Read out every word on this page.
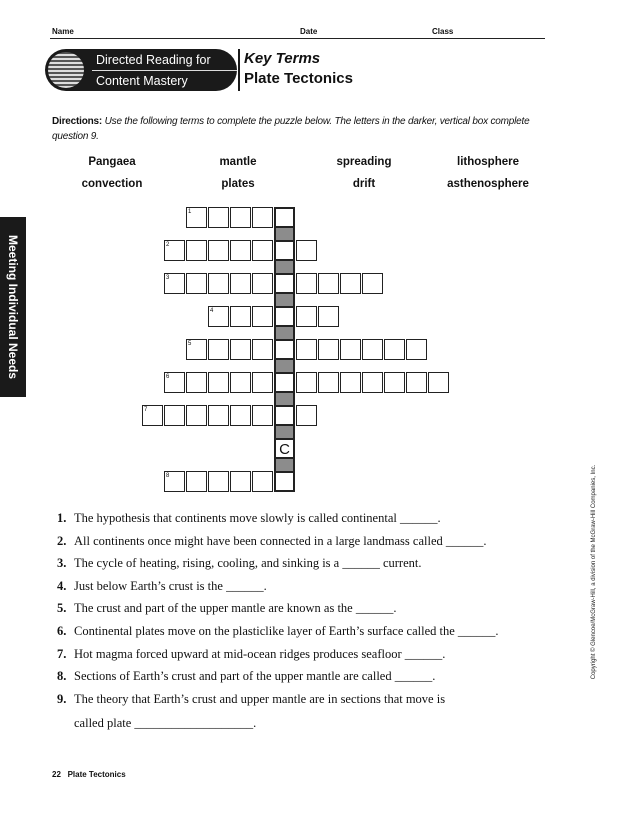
Name	Date	Class
Directed Reading for
Content Mastery
Key Terms
Plate Tectonics
Directions: Use the following terms to complete the puzzle below. The letters in the darker, vertical box complete question 9.
Pangaea	mantle	spreading	lithosphere
convection	plates	drift	asthenosphere
Meeting Individual Needs
Copyright © Glencoe/McGraw-Hill, a division of the McGraw-Hill Companies, Inc.
1
2
3
4
5
6
7
8
C
1. The hypothesis that continents move slowly is called continental ______.
2. All continents once might have been connected in a large landmass called ______.
3. The cycle of heating, rising, cooling, and sinking is a ______ current.
4. Just below Earth’s crust is the ______.
5. The crust and part of the upper mantle are known as the ______.
6. Continental plates move on the plasticlike layer of Earth’s surface called the ______.
7. Hot magma forced upward at mid-ocean ridges produces seafloor ______.
8. Sections of Earth’s crust and part of the upper mantle are called ______.
9. The theory that Earth’s crust and upper mantle are in sections that move is
called plate ___________________.
22 Plate Tectonics
